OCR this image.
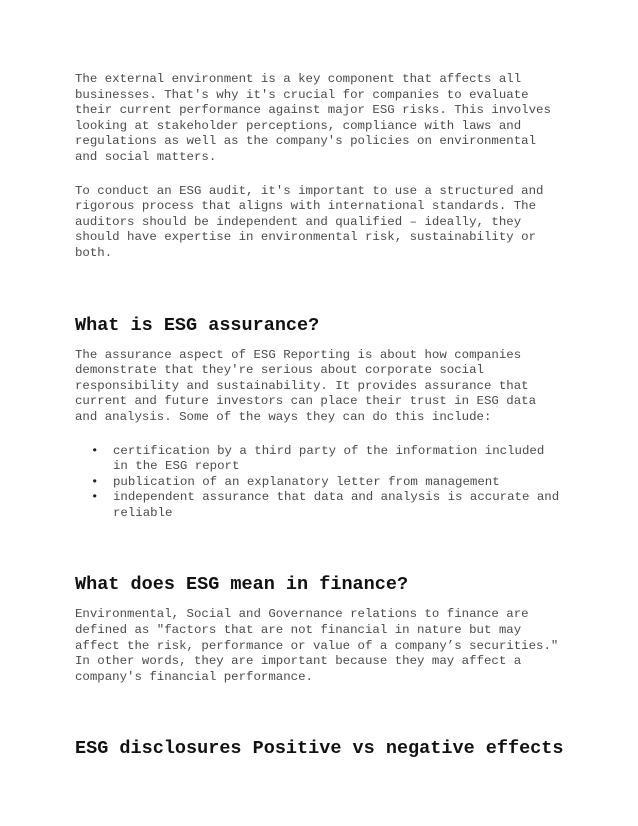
The external environment is a key component that affects all businesses. That's why it's crucial for companies to evaluate their current performance against major ESG risks. This involves looking at stakeholder perceptions, compliance with laws and regulations as well as the company's policies on environmental and social matters.

To conduct an ESG audit, it's important to use a structured and rigorous process that aligns with international standards. The auditors should be independent and qualified – ideally, they should have expertise in environmental risk, sustainability or both.

What is ESG assurance?

The assurance aspect of ESG Reporting is about how companies demonstrate that they're serious about corporate social responsibility and sustainability. It provides assurance that current and future investors can place their trust in ESG data and analysis. Some of the ways they can do this include:

• certification by a third party of the information included in the ESG report
• publication of an explanatory letter from management
• independent assurance that data and analysis is accurate and reliable
What does ESG mean in finance?

Environmental, Social and Governance relations to finance are defined as "factors that are not financial in nature but may affect the risk, performance or value of a company’s securities." In other words, they are important because they may affect a company's financial performance.

ESG disclosures Positive vs negative effects
